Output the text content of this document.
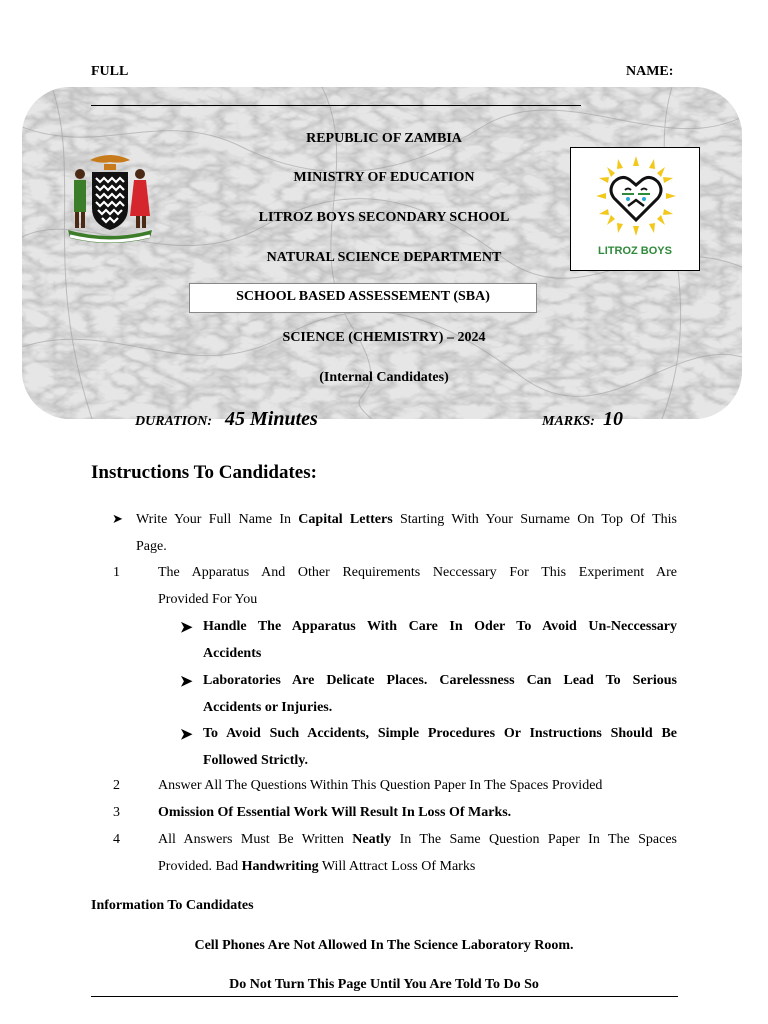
FULL	NAME:
REPUBLIC OF ZAMBIA
MINISTRY OF EDUCATION
LITROZ BOYS SECONDARY SCHOOL
NATURAL SCIENCE DEPARTMENT
SCHOOL BASED ASSESSEMENT (SBA)
SCIENCE (CHEMISTRY) – 2024
(Internal Candidates)
LITROZ BOYS
DURATION: 45 Minutes	MARKS: 10
Instructions To Candidates:
➤ Write Your Full Name In Capital Letters Starting With Your Surname On Top Of This
Page.
1	The Apparatus And Other Requirements Neccessary For This Experiment Are
Provided For You
➤ Handle The Apparatus With Care In Oder To Avoid Un-Neccessary
Accidents
➤ Laboratories Are Delicate Places. Carelessness Can Lead To Serious
Accidents or Injuries.
➤ To Avoid Such Accidents, Simple Procedures Or Instructions Should Be
Followed Strictly.
2	Answer All The Questions Within This Question Paper In The Spaces Provided
3	Omission Of Essential Work Will Result In Loss Of Marks.
4	All Answers Must Be Written Neatly In The Same Question Paper In The Spaces
Provided. Bad Handwriting Will Attract Loss Of Marks
Information To Candidates
Cell Phones Are Not Allowed In The Science Laboratory Room.
Do Not Turn This Page Until You Are Told To Do So
